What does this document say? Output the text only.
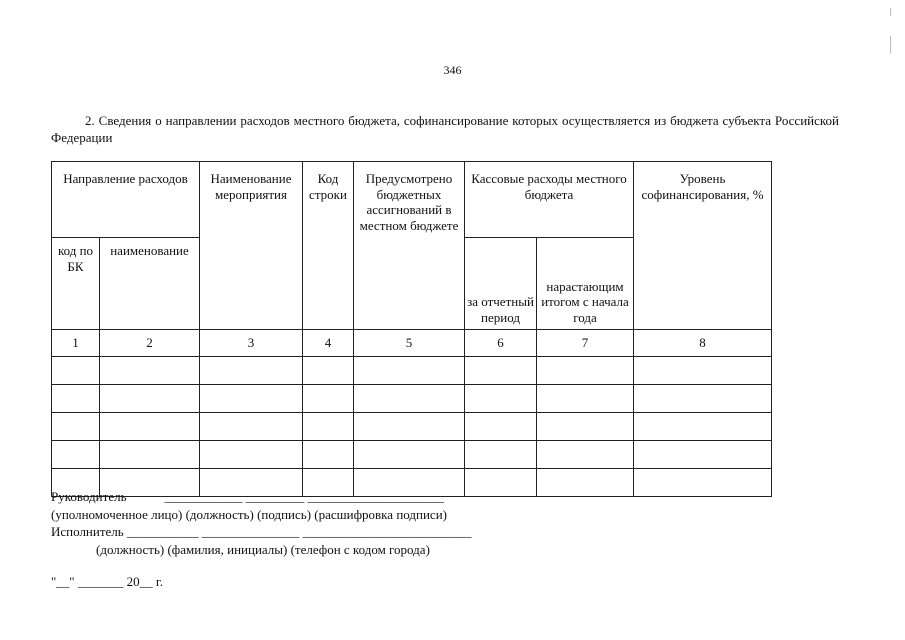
346
2. Сведения о направлении расходов местного бюджета, софинансирование которых осуществляется из бюджета субъекта Российской Федерации
Направление расходов		Наименование мероприятия	Код строки	Предусмотрено бюджетных ассигнований в местном бюджете	Кассовые расходы местного бюджета		Уровень софинансирования, %

код по БК	наименование				за отчетный период	нарастающим итогом с начала года	

1	2	3	4	5	6	7	8

Руководитель	____________ _________ _____________________
(уполномоченное лицо) (должность) (подпись) (расшифровка подписи)
Исполнитель ___________ _______________ __________________________
(должность) (фамилия, инициалы) (телефон с кодом города)
"__" _______ 20__ г.
